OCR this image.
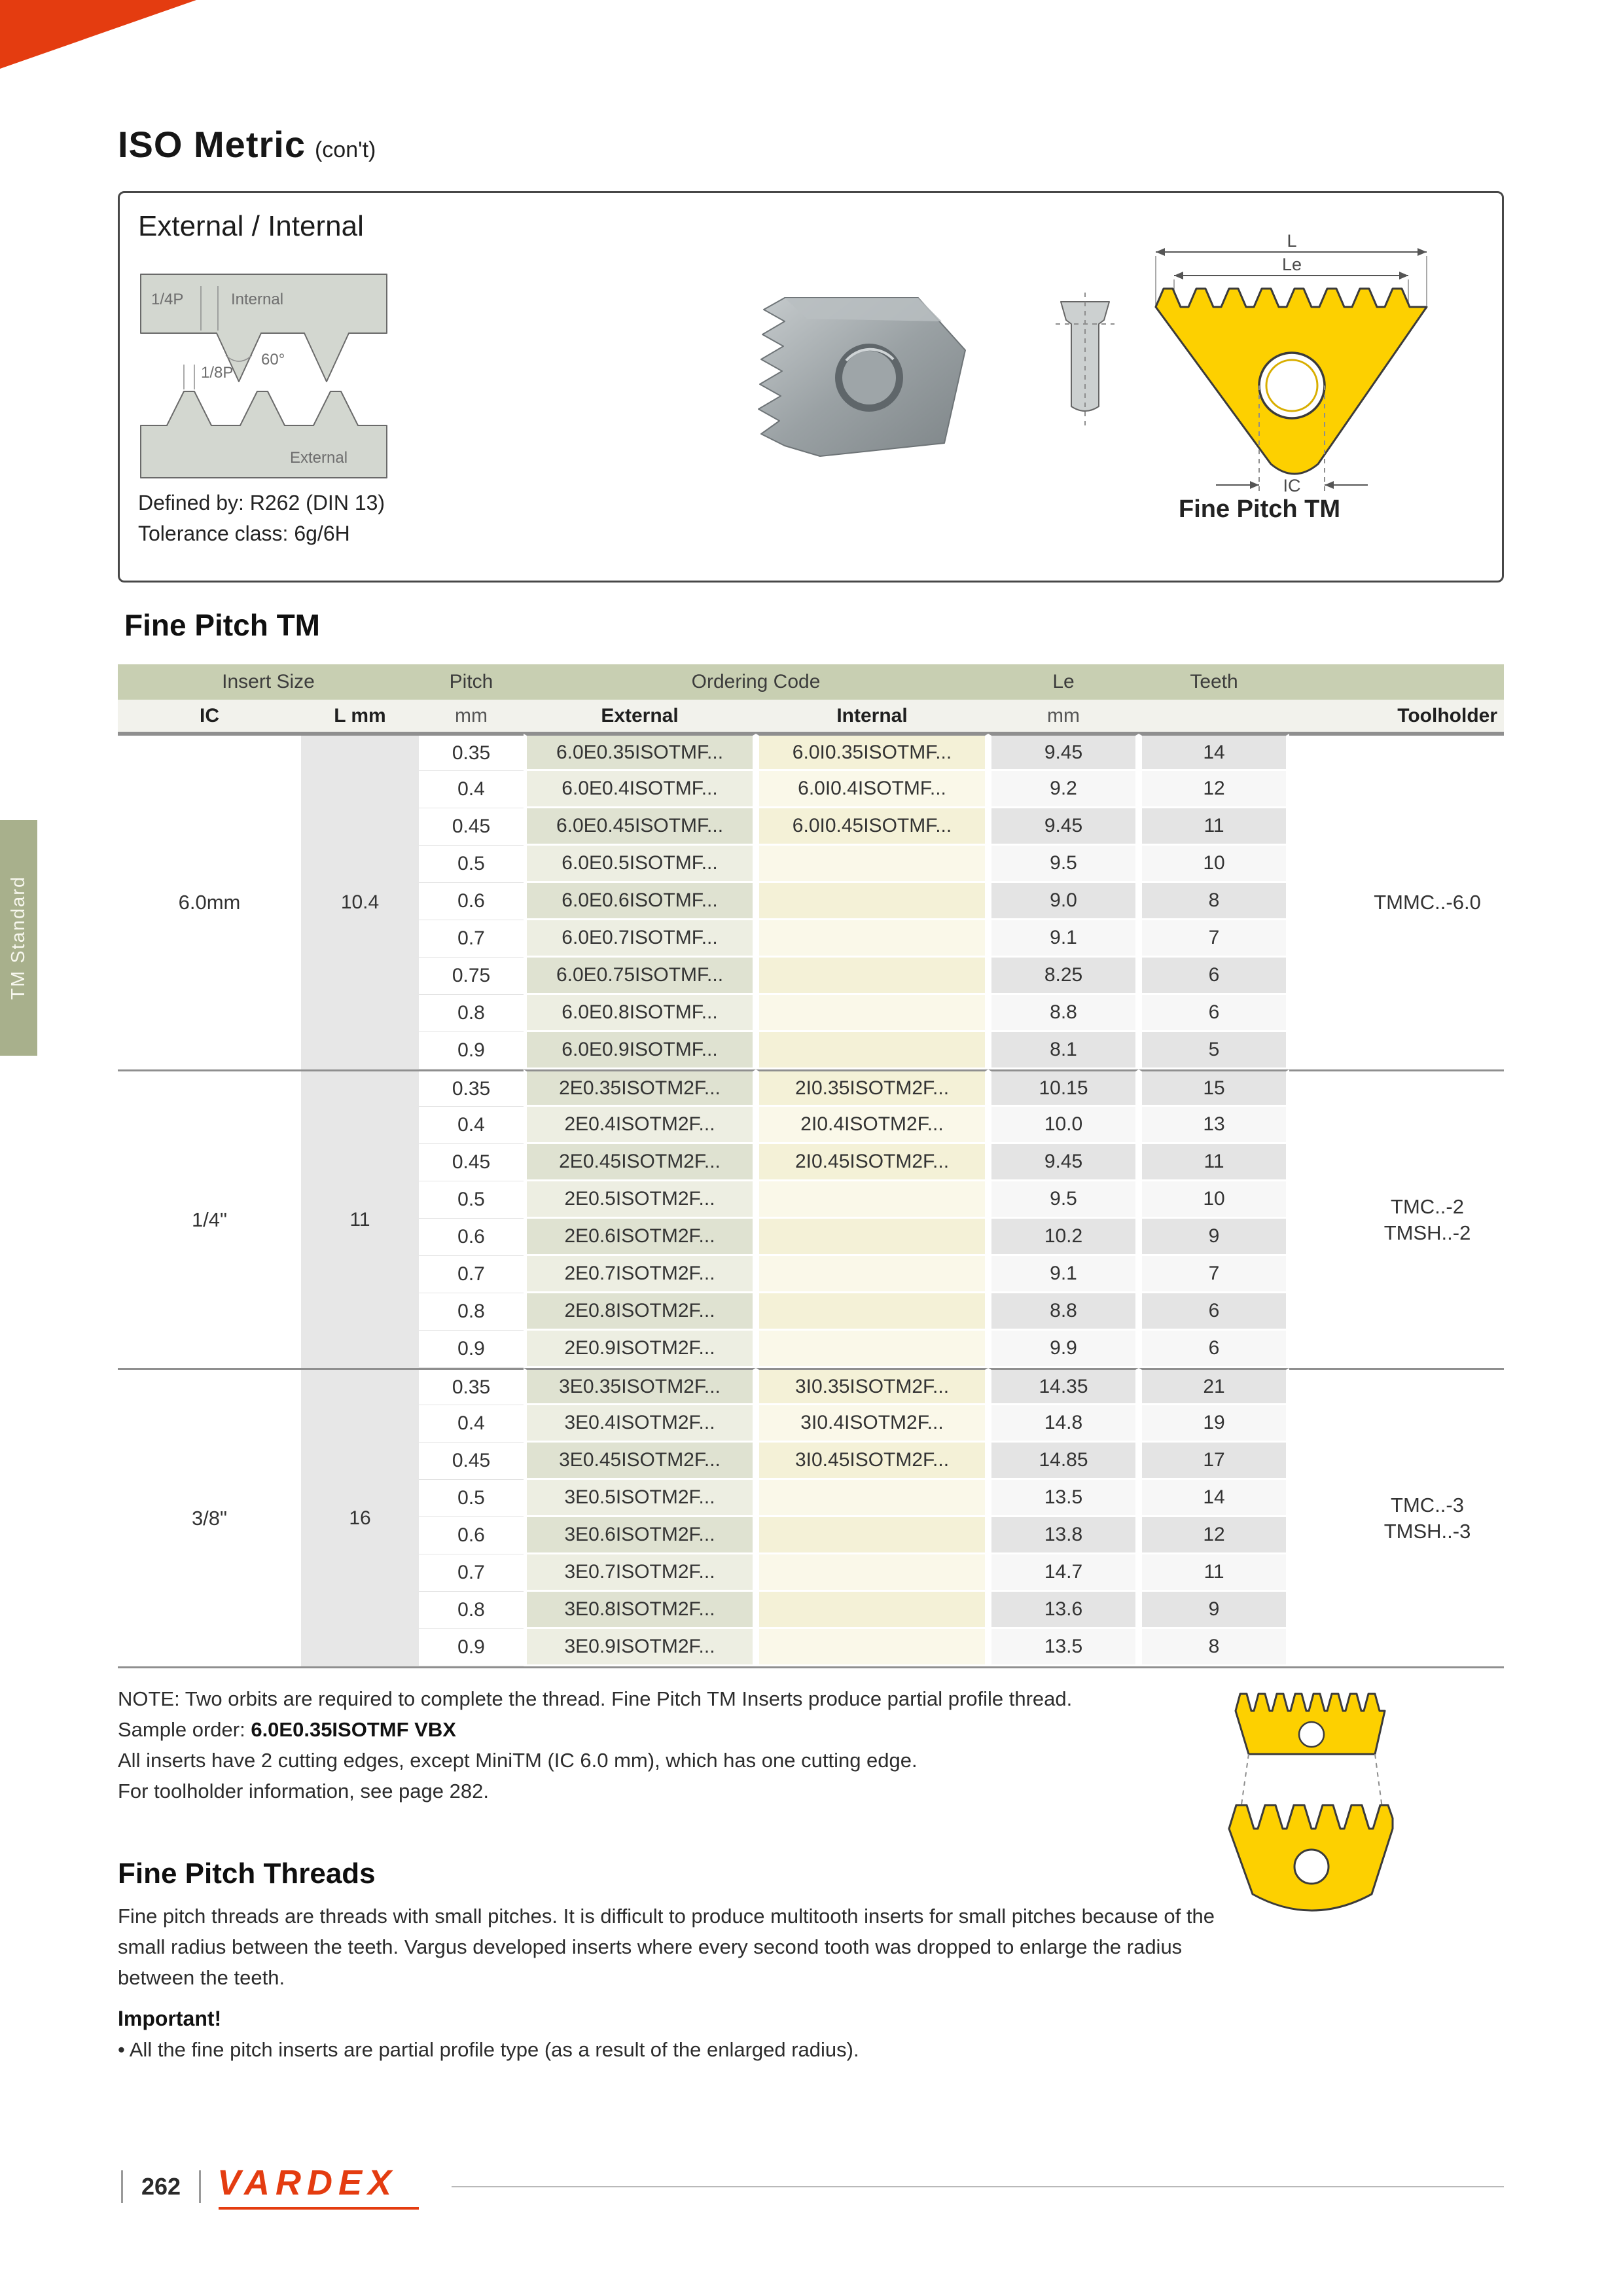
ISO Metric (con't)
External / Internal
1/4P	Internal
60°
1/8P
External
Defined by: R262 (DIN 13)
Tolerance class: 6g/6H
L
Le
IC
Fine Pitch TM
Fine Pitch TM
Insert Size		Pitch	Ordering Code		Le	Teeth	
IC	L mm	mm	External	Internal	mm		Toolholder
6.0mm	10.4	0.35	6.0E0.35ISOTMF...	6.0I0.35ISOTMF...	9.45	14	TMMC..-6.0

		0.4	6.0E0.4ISOTMF...	6.0I0.4ISOTMF...	9.2	12	
		0.45	6.0E0.45ISOTMF...	6.0I0.45ISOTMF...	9.45	11	
		0.5	6.0E0.5ISOTMF...		9.5	10	
		0.6	6.0E0.6ISOTMF...		9.0	8	
		0.7	6.0E0.7ISOTMF...		9.1	7	
		0.75	6.0E0.75ISOTMF...		8.25	6	
		0.8	6.0E0.8ISOTMF...		8.8	6	
		0.9	6.0E0.9ISOTMF...		8.1	5	
1/4"	11	0.35	2E0.35ISOTM2F...	2I0.35ISOTM2F...	10.15	15	TMC..-2
TMSH..-2

		0.4	2E0.4ISOTM2F...	2I0.4ISOTM2F...	10.0	13	
		0.45	2E0.45ISOTM2F...	2I0.45ISOTM2F...	9.45	11	
		0.5	2E0.5ISOTM2F...		9.5	10	
		0.6	2E0.6ISOTM2F...		10.2	9	
		0.7	2E0.7ISOTM2F...		9.1	7	
		0.8	2E0.8ISOTM2F...		8.8	6	
		0.9	2E0.9ISOTM2F...		9.9	6	
3/8"	16	0.35	3E0.35ISOTM2F...	3I0.35ISOTM2F...	14.35	21	TMC..-3
TMSH..-3

		0.4	3E0.4ISOTM2F...	3I0.4ISOTM2F...	14.8	19	
		0.45	3E0.45ISOTM2F...	3I0.45ISOTM2F...	14.85	17	
		0.5	3E0.5ISOTM2F...		13.5	14	
		0.6	3E0.6ISOTM2F...		13.8	12	
		0.7	3E0.7ISOTM2F...		14.7	11	
		0.8	3E0.8ISOTM2F...		13.6	9	
		0.9	3E0.9ISOTM2F...		13.5	8	
NOTE: Two orbits are required to complete the thread. Fine Pitch TM Inserts produce partial profile thread.
Sample order: 6.0E0.35ISOTMF VBX
All inserts have 2 cutting edges, except MiniTM (IC 6.0 mm), which has one cutting edge.
For toolholder information, see page 282.
Fine Pitch Threads
Fine pitch threads are threads with small pitches. It is difficult to produce multitooth inserts for small pitches because of the small radius between the teeth. Vargus developed inserts where every second tooth was dropped to enlarge the radius between the teeth.
Important!
• All the fine pitch inserts are partial profile type (as a result of the enlarged radius).
TM Standard
262	VARDEX
